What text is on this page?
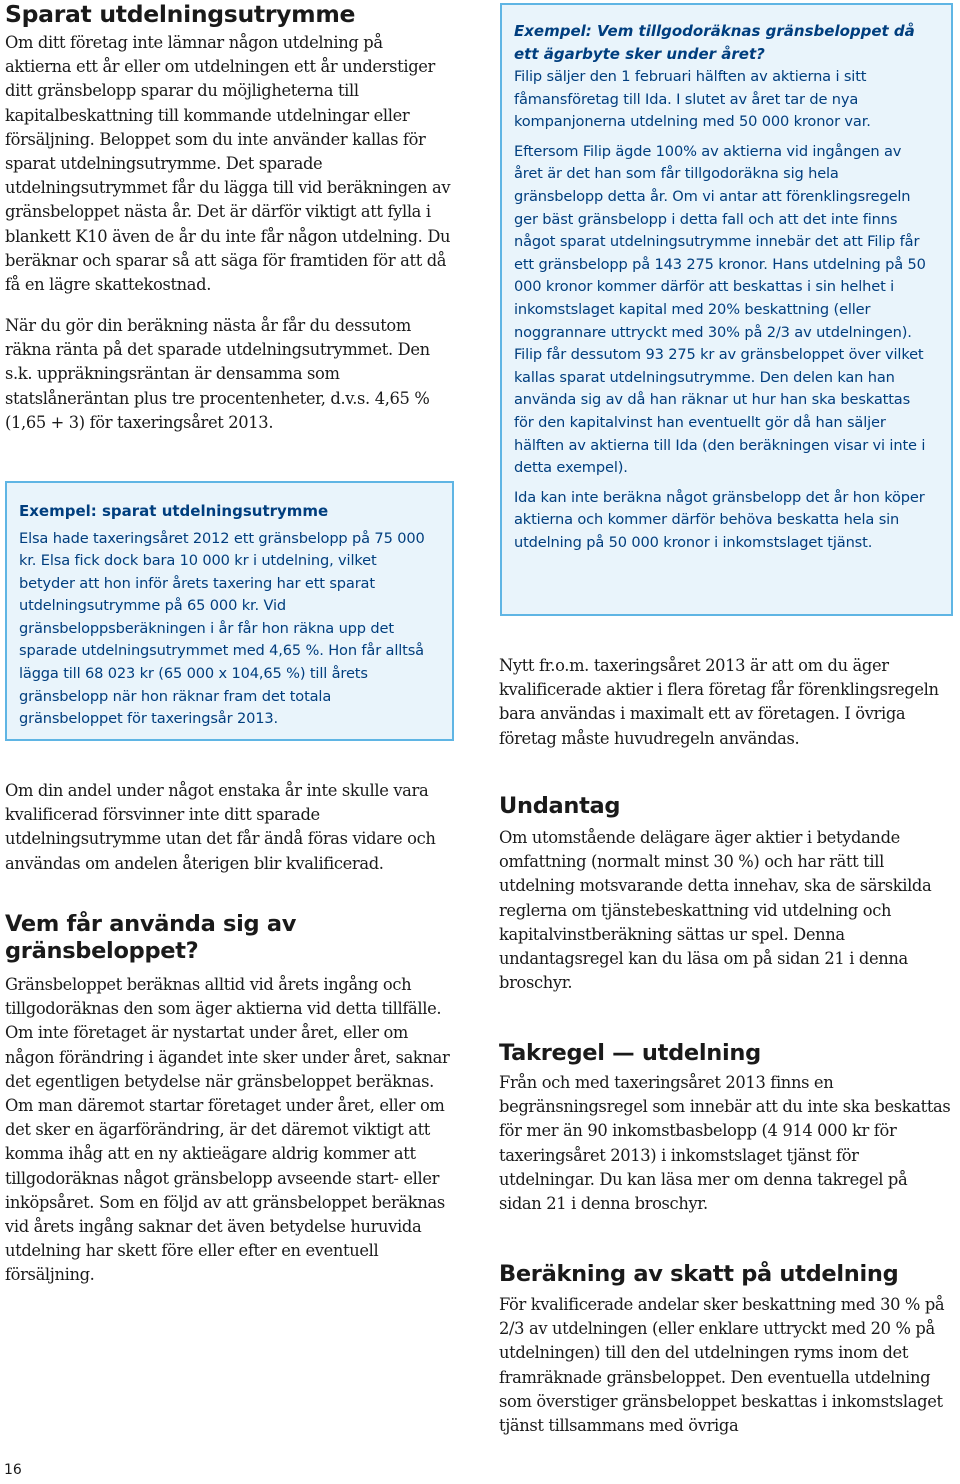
Sparat utdelningsutrymme

Om ditt företag inte lämnar någon utdelning på aktierna ett år eller om utdelningen ett år understiger ditt gränsbelopp sparar du möjligheterna till kapitalbeskattning till kommande utdelningar eller försäljning. Beloppet som du inte använder kallas för sparat utdelningsutrymme. Det sparade utdelningsutrymmet får du lägga till vid beräkningen av gränsbeloppet nästa år. Det är därför viktigt att fylla i blankett K10 även de år du inte får någon utdelning. Du beräknar och sparar så att säga för framtiden för att då få en lägre skattekostnad.

När du gör din beräkning nästa år får du dessutom räkna ränta på det sparade utdelningsutrymmet. Den s.k. uppräkningsräntan är densamma som statslåneräntan plus tre procentenheter, d.v.s. 4,65 % (1,65 + 3) för taxeringsåret 2013.

Om din andel under något enstaka år inte skulle vara kvalificerad försvinner inte ditt sparade utdelningsutrymme utan det får ändå föras vidare och användas om andelen återigen blir kvalificerad.

Vem får använda sig av gränsbeloppet?

Gränsbeloppet beräknas alltid vid årets ingång och tillgodoräknas den som äger aktierna vid detta tillfälle. Om inte företaget är nystartat under året, eller om någon förändring i ägandet inte sker under året, saknar det egentligen betydelse när gränsbeloppet beräknas. Om man däremot startar företaget under året, eller om det sker en ägarförändring, är det däremot viktigt att komma ihåg att en ny aktieägare aldrig kommer att tillgodoräknas något gränsbelopp avseende start- eller inköpsåret. Som en följd av att gränsbeloppet beräknas vid årets ingång saknar det även betydelse huruvida utdelning har skett före eller efter en eventuell försäljning.

Exempel: sparat utdelningsutrymme
Elsa hade taxeringsåret 2012 ett gränsbelopp på 75 000 kr. Elsa fick dock bara 10 000 kr i utdelning, vilket betyder att hon inför årets taxering har ett sparat utdelningsutrymme på 65 000 kr. Vid gränsbeloppsberäkningen i år får hon räkna upp det sparade utdelningsutrymmet med 4,65 %. Hon får alltså lägga till 68 023 kr (65 000 x 104,65 %) till årets gränsbelopp när hon räknar fram det totala gränsbeloppet för taxeringsår 2013.
Exempel: Vem tillgodoräknas gränsbeloppet då ett ägarbyte sker under året?
Filip säljer den 1 februari hälften av aktierna i sitt fåmansföretag till Ida. I slutet av året tar de nya kompanjonerna utdelning med 50 000 kronor var.
Eftersom Filip ägde 100% av aktierna vid ingången av året är det han som får tillgodoräkna sig hela gränsbelopp detta år. Om vi antar att förenklingsregeln ger bäst gränsbelopp i detta fall och att det inte finns något sparat utdelningsutrymme innebär det att Filip får ett gränsbelopp på 143 275 kronor. Hans utdelning på 50 000 kronor kommer därför att beskattas i sin helhet i inkomstslaget kapital med 20% beskattning (eller noggrannare uttryckt med 30% på 2/3 av utdelningen). Filip får dessutom 93 275 kr av gränsbeloppet över vilket kallas sparat utdelningsutrymme. Den delen kan han använda sig av då han räknar ut hur han ska beskattas för den kapitalvinst han eventuellt gör då han säljer hälften av aktierna till Ida (den beräkningen visar vi inte i detta exempel).
Ida kan inte beräkna något gränsbelopp det år hon köper aktierna och kommer därför behöva beskatta hela sin utdelning på 50 000 kronor i inkomstslaget tjänst.

Nytt fr.o.m. taxeringsåret 2013 är att om du äger kvalificerade aktier i flera företag får förenklingsregeln bara användas i maximalt ett av företagen. I övriga företag måste huvudregeln användas.

Undantag

Om utomstående delägare äger aktier i betydande omfattning (normalt minst 30 %) och har rätt till utdelning motsvarande detta innehav, ska de särskilda reglerna om tjänstebeskattning vid utdelning och kapitalvinstberäkning sättas ur spel. Denna undantagsregel kan du läsa om på sidan 21 i denna broschyr.

Takregel — utdelning

Från och med taxeringsåret 2013 finns en begränsningsregel som innebär att du inte ska beskattas för mer än 90 inkomstbasbelopp (4 914 000 kr för taxeringsåret 2013) i inkomstslaget tjänst för utdelningar. Du kan läsa mer om denna takregel på sidan 21 i denna broschyr.

Beräkning av skatt på utdelning

För kvalificerade andelar sker beskattning med 30 % på 2/3 av utdelningen (eller enklare uttryckt med 20 % på utdelningen) till den del utdelningen ryms inom det framräknade gränsbeloppet. Den eventuella utdelning som överstiger gränsbeloppet beskattas i inkomstslaget tjänst tillsammans med övriga

16
